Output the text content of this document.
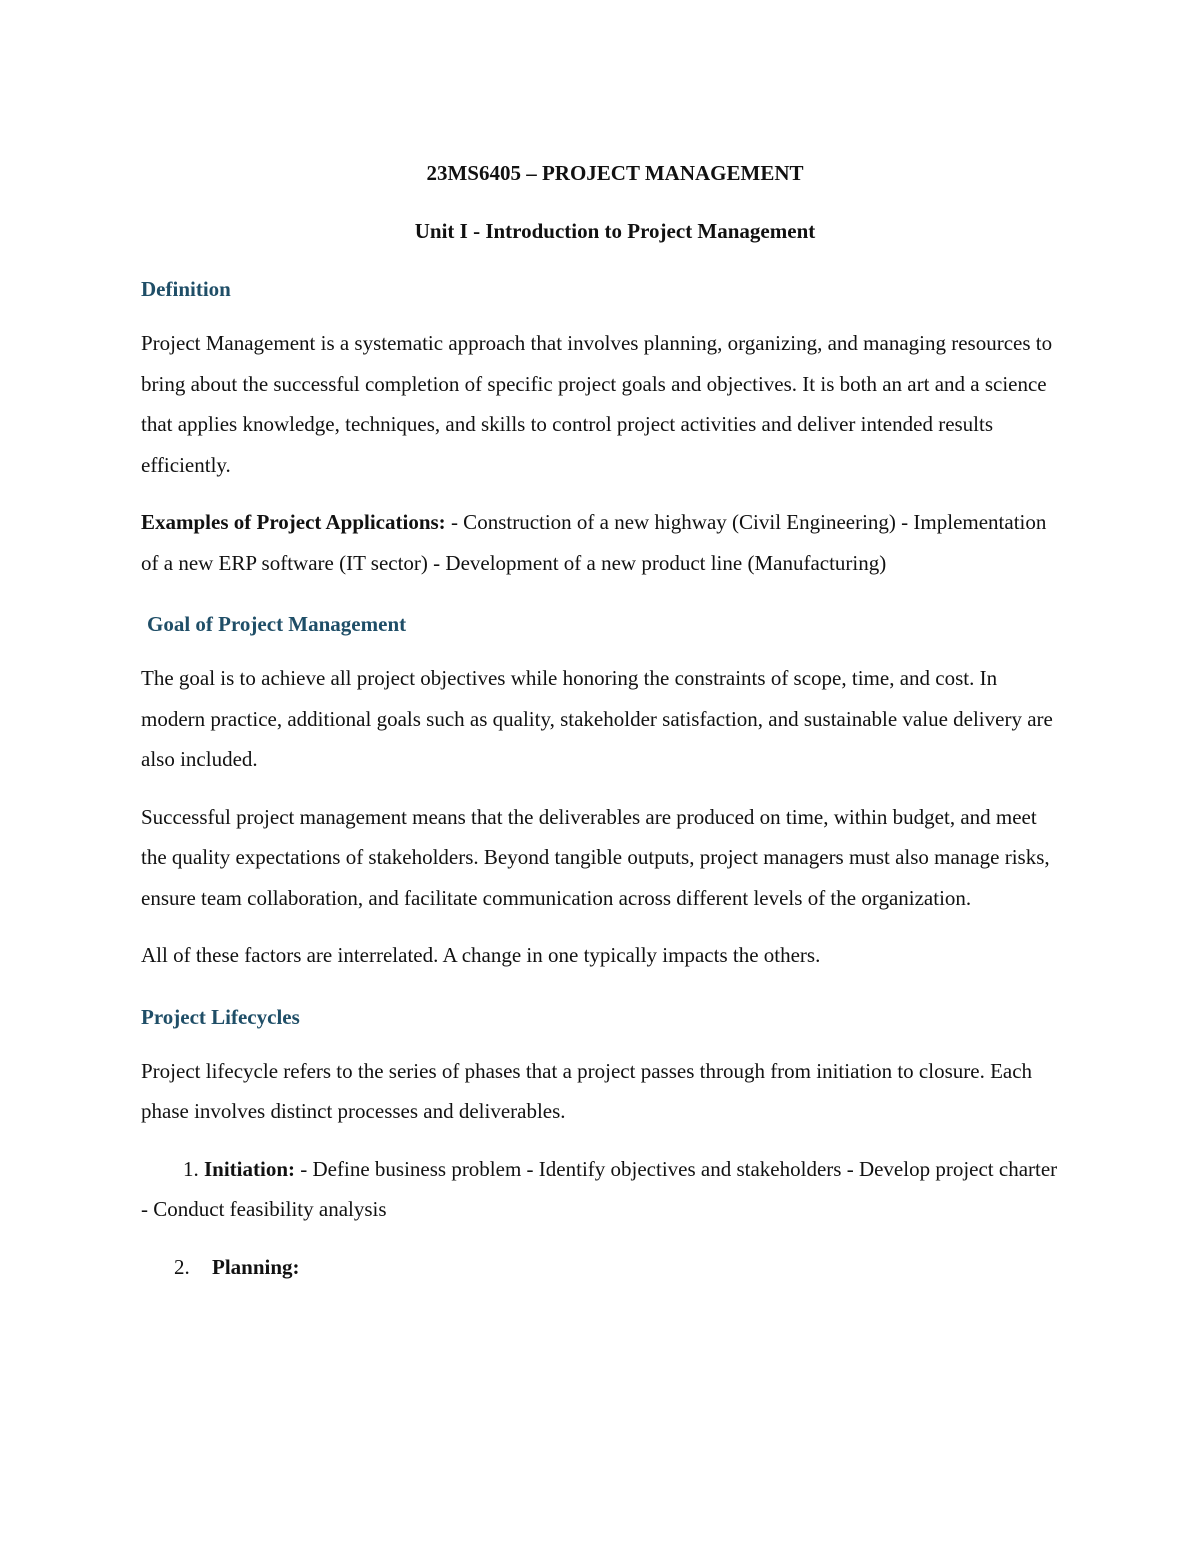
23MS6405 – PROJECT MANAGEMENT

Unit I - Introduction to Project Management

Definition

Project Management is a systematic approach that involves planning, organizing, and managing resources to bring about the successful completion of specific project goals and objectives. It is both an art and a science that applies knowledge, techniques, and skills to control project activities and deliver intended results efficiently.

Examples of Project Applications: - Construction of a new highway (Civil Engineering) - Implementation of a new ERP software (IT sector) - Development of a new product line (Manufacturing)

Goal of Project Management

The goal is to achieve all project objectives while honoring the constraints of scope, time, and cost. In modern practice, additional goals such as quality, stakeholder satisfaction, and sustainable value delivery are also included.

Successful project management means that the deliverables are produced on time, within budget, and meet the quality expectations of stakeholders. Beyond tangible outputs, project managers must also manage risks, ensure team collaboration, and facilitate communication across different levels of the organization.

All of these factors are interrelated. A change in one typically impacts the others.

Project Lifecycles

Project lifecycle refers to the series of phases that a project passes through from initiation to closure. Each phase involves distinct processes and deliverables.

1. Initiation: - Define business problem - Identify objectives and stakeholders - Develop project charter - Conduct feasibility analysis

2. Planning:
